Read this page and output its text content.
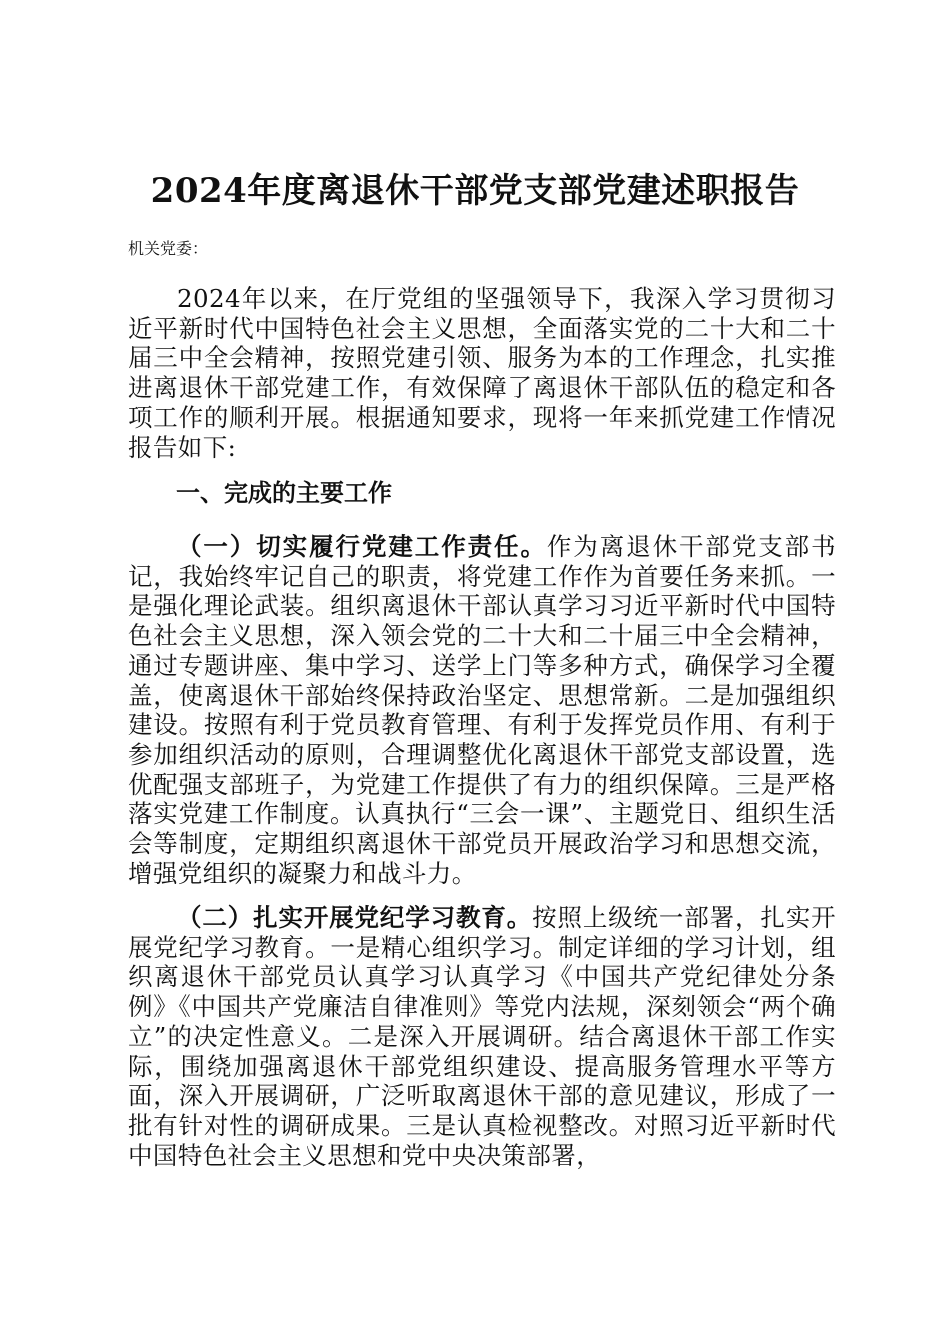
2024年度离退休干部党支部党建述职报告

机关党委：

2024年以来，在厅党组的坚强领导下，我深入学习贯彻习近平新时代中国特色社会主义思想，全面落实党的二十大和二十届三中全会精神，按照党建引领、服务为本的工作理念，扎实推进离退休干部党建工作，有效保障了离退休干部队伍的稳定和各项工作的顺利开展。根据通知要求，现将一年来抓党建工作情况报告如下:

一、完成的主要工作

（一）切实履行党建工作责任。作为离退休干部党支部书记，我始终牢记自己的职责，将党建工作作为首要任务来抓。一是强化理论武装。组织离退休干部认真学习习近平新时代中国特色社会主义思想，深入领会党的二十大和二十届三中全会精神，通过专题讲座、集中学习、送学上门等多种方式，确保学习全覆盖，使离退休干部始终保持政治坚定、思想常新。二是加强组织建设。按照有利于党员教育管理、有利于发挥党员作用、有利于参加组织活动的原则，合理调整优化离退休干部党支部设置，选优配强支部班子，为党建工作提供了有力的组织保障。三是严格落实党建工作制度。认真执行“三会一课”、主题党日、组织生活会等制度，定期组织离退休干部党员开展政治学习和思想交流，增强党组织的凝聚力和战斗力。

（二）扎实开展党纪学习教育。按照上级统一部署，扎实开展党纪学习教育。一是精心组织学习。制定详细的学习计划，组织离退休干部党员认真学习认真学习《中国共产党纪律处分条例》《中国共产党廉洁自律准则》等党内法规，深刻领会“两个确立”的决定性意义。二是深入开展调研。结合离退休干部工作实际，围绕加强离退休干部党组织建设、提高服务管理水平等方面，深入开展调研，广泛听取离退休干部的意见建议，形成了一批有针对性的调研成果。三是认真检视整改。对照习近平新时代中国特色社会主义思想和党中央决策部署，
